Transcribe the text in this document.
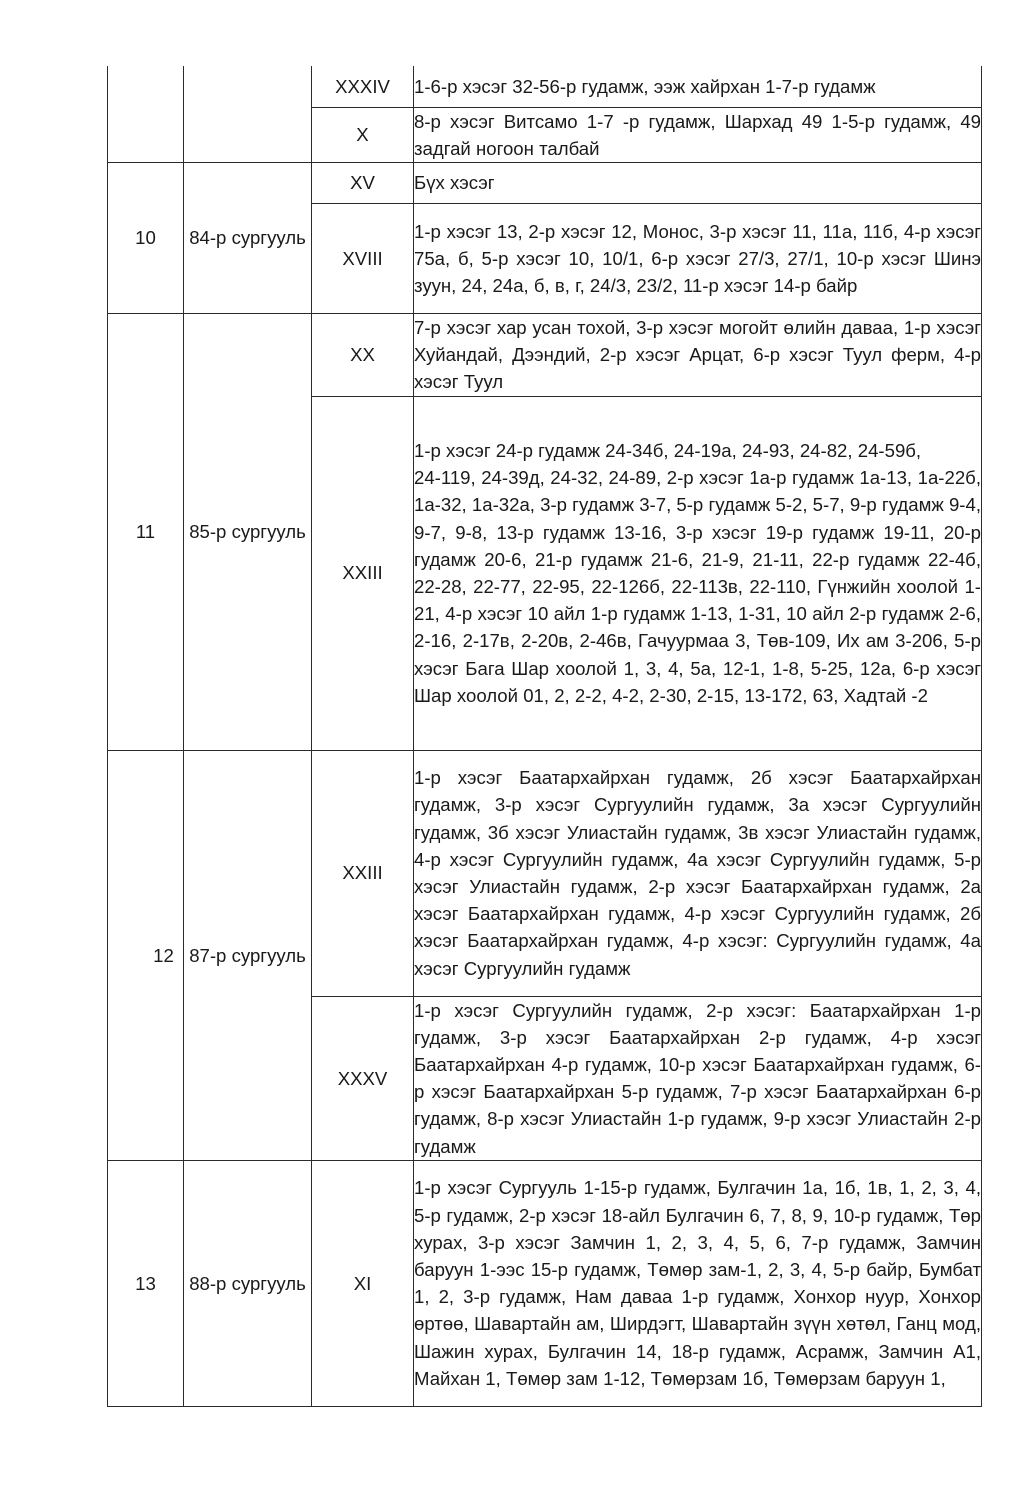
		XXXIV	1-6-р хэсэг 32-56-р гудамж, ээж хайрхан 1-7-р гудамж
		X	8-р хэсэг Витсамо 1-7 -р гудамж, Шархад 49 1-5-р гудамж, 49 задгай ногоон талбай
10	84-р сургууль	XV	Бүх хэсэг
		XVIII	1-р хэсэг 13, 2-р хэсэг 12, Монос, 3-р хэсэг 11, 11а, 11б, 4-р хэсэг 75а, б, 5-р хэсэг 10, 10/1, 6-р хэсэг 27/3, 27/1, 10-р хэсэг Шинэ зуун, 24, 24а, б, в, г, 24/3, 23/2, 11-р хэсэг 14-р байр
11	85-р сургууль	XX	7-р хэсэг хар усан тохой, 3-р хэсэг могойт өлийн даваа, 1-р хэсэг Хуйандай, Дээндий, 2-р хэсэг Арцат, 6-р хэсэг Туул ферм, 4-р хэсэг Туул
		XXIII	1-р хэсэг 24-р гудамж 24-34б, 24-19а, 24-93, 24-82, 24-59б,
24-119, 24-39д, 24-32, 24-89, 2-р хэсэг 1а-р гудамж 1а-13, 1а-22б, 1а-32, 1а-32а, 3-р гудамж 3-7, 5-р гудамж 5-2, 5-7, 9-р гудамж 9-4, 9-7, 9-8, 13-р гудамж 13-16, 3-р хэсэг 19-р гудамж 19-11, 20-р гудамж 20-6, 21-р гудамж 21-6, 21-9, 21-11, 22-р гудамж 22-4б, 22-28, 22-77, 22-95, 22-126б, 22-113в, 22-110, Гүнжийн хоолой 1-21, 4-р хэсэг 10 айл 1-р гудамж 1-13, 1-31, 10 айл 2-р гудамж 2-6, 2-16, 2-17в, 2-20в, 2-46в, Гачуурмаа 3, Төв-109, Их ам 3-206, 5-р хэсэг Бага Шар хоолой 1, 3, 4, 5а, 12-1, 1-8, 5-25, 12а, 6-р хэсэг Шар хоолой 01, 2, 2-2, 4-2, 2-30, 2-15, 13-172, 63, Хадтай -2
12	87-р сургууль	XXIII	1-р хэсэг Баатархайрхан гудамж, 2б хэсэг Баатархайрхан гудамж, 3-р хэсэг Сургуулийн гудамж, 3а хэсэг Сургуулийн гудамж, 3б хэсэг Улиастайн гудамж, 3в хэсэг Улиастайн гудамж, 4-р хэсэг Сургуулийн гудамж, 4а хэсэг Сургуулийн гудамж, 5-р хэсэг Улиастайн гудамж, 2-р хэсэг Баатархайрхан гудамж, 2а хэсэг Баатархайрхан гудамж, 4-р хэсэг Сургуулийн гудамж, 2б хэсэг Баатархайрхан гудамж, 4-р хэсэг: Сургуулийн гудамж, 4а хэсэг Сургуулийн гудамж
		XXXV	1-р хэсэг Сургуулийн гудамж, 2-р хэсэг: Баатархайрхан 1-р гудамж, 3-р хэсэг Баатархайрхан 2-р гудамж, 4-р хэсэг Баатархайрхан 4-р гудамж, 10-р хэсэг Баатархайрхан гудамж, 6-р хэсэг Баатархайрхан 5-р гудамж, 7-р хэсэг Баатархайрхан 6-р гудамж, 8-р хэсэг Улиастайн 1-р гудамж, 9-р хэсэг Улиастайн 2-р гудамж
13	88-р сургууль	XI	1-р хэсэг Сургууль 1-15-р гудамж, Булгачин 1а, 1б, 1в, 1, 2, 3, 4, 5-р гудамж, 2-р хэсэг 18-айл Булгачин 6, 7, 8, 9, 10-р гудамж, Төр хурах, 3-р хэсэг Замчин 1, 2, 3, 4, 5, 6, 7-р гудамж, Замчин баруун 1-ээс 15-р гудамж, Төмөр зам-1, 2, 3, 4, 5-р байр, Бумбат 1, 2, 3-р гудамж, Нам даваа 1-р гудамж, Хонхор нуур, Хонхор өртөө, Шавартайн ам, Ширдэгт, Шавартайн зүүн хөтөл, Ганц мод, Шажин хурах, Булгачин 14, 18-р гудамж, Асрамж, Замчин А1, Майхан 1, Төмөр зам 1-12, Төмөрзам 1б, Төмөрзам баруун 1,
